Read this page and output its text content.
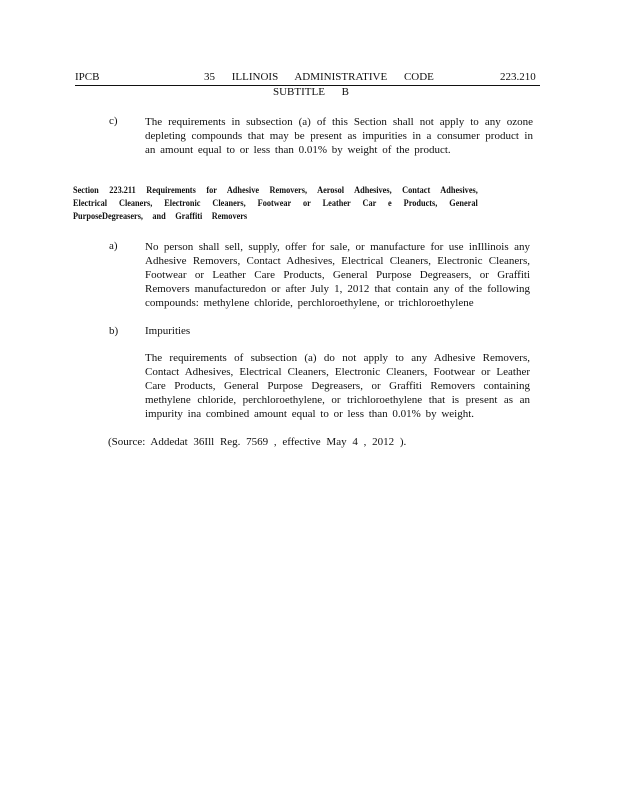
IPCB	35 ILLINOIS ADMINISTRATIVE CODE	223.210
SUBTITLE B
c) The requirements in subsection (a) of this Section shall not apply to any ozone depleting compounds that may be present as impurities in a consumer product in an amount equal to or less than 0.01% by weight of the product.
Section 223.211 Requirements for Adhesive Removers, Aerosol Adhesives, Contact Adhesives, Electrical Cleaners, Electronic Cleaners, Footwear or Leather Car e Products, General PurposeDegreasers, and Graffiti Removers
a) No person shall sell, supply, offer for sale, or manufacture for use inIllinois any Adhesive Removers, Contact Adhesives, Electrical Cleaners, Electronic Cleaners, Footwear or Leather Care Products, General Purpose Degreasers, or Graffiti Removers manufacturedon or after July 1, 2012 that contain any of the following compounds: methylene chloride, perchloroethylene, or trichloroethylene
b) Impurities
The requirements of subsection (a) do not apply to any Adhesive Removers, Contact Adhesives, Electrical Cleaners, Electronic Cleaners, Footwear or Leather Care Products, General Purpose Degreasers, or Graffiti Removers containing methylene chloride, perchloroethylene, or trichloroethylene that is present as an impurity ina combined amount equal to or less than 0.01% by weight.
(Source: Addedat 36Ill Reg. 7569 , effective May 4 , 2012 ).
